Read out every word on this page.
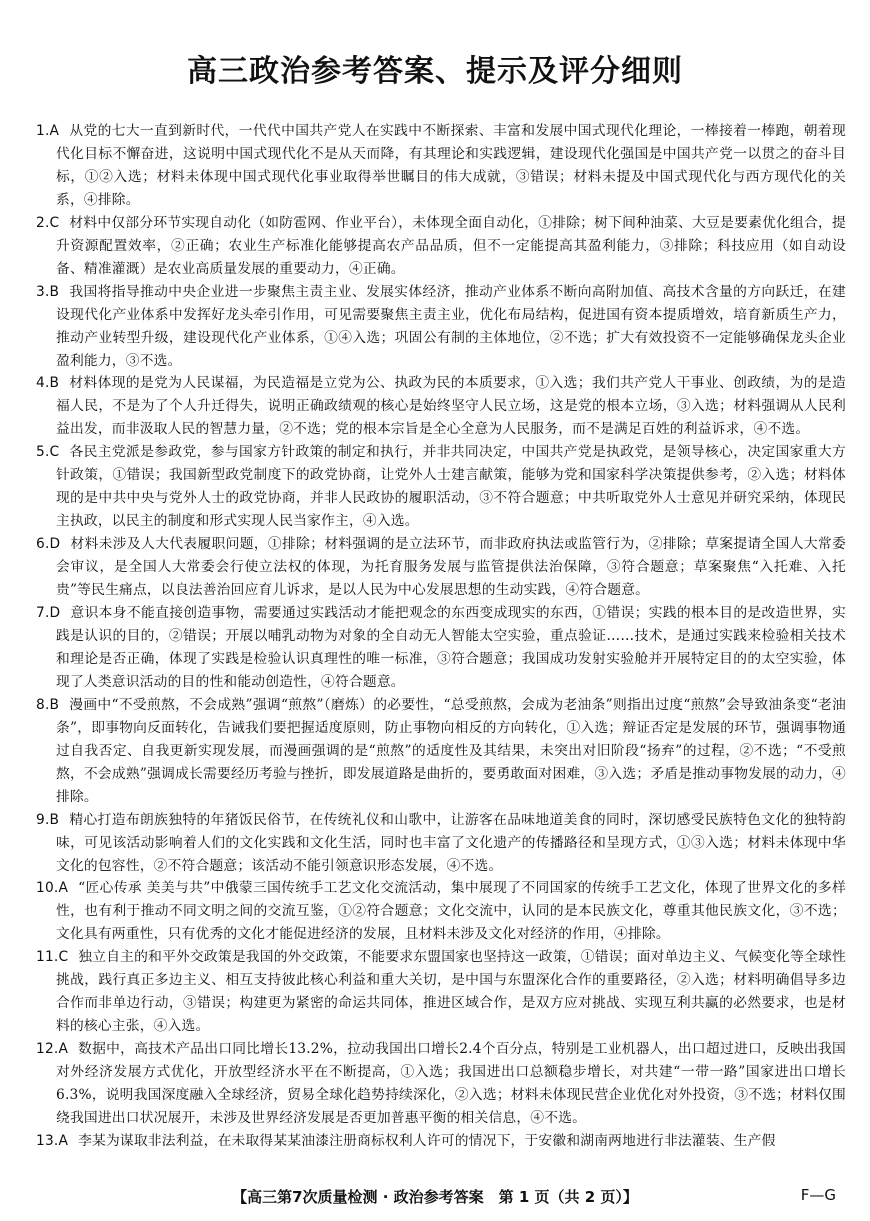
高三政治参考答案、提示及评分细则

1.A 从党的七大一直到新时代，一代代中国共产党人在实践中不断探索、丰富和发展中国式现代化理论，一棒接着一棒跑，朝着现代化目标不懈奋进，这说明中国式现代化不是从天而降，有其理论和实践逻辑，建设现代化强国是中国共产党一以贯之的奋斗目标，①②入选；材料未体现中国式现代化事业取得举世瞩目的伟大成就，③错误；材料未提及中国式现代化与西方现代化的关系，④排除。

2.C 材料中仅部分环节实现自动化（如防雹网、作业平台），未体现全面自动化，①排除；树下间种油菜、大豆是要素优化组合，提升资源配置效率，②正确；农业生产标准化能够提高农产品品质，但不一定能提高其盈利能力，③排除；科技应用（如自动设备、精准灌溉）是农业高质量发展的重要动力，④正确。

3.B 我国将指导推动中央企业进一步聚焦主责主业、发展实体经济，推动产业体系不断向高附加值、高技术含量的方向跃迁，在建设现代化产业体系中发挥好龙头牵引作用，可见需要聚焦主责主业，优化布局结构，促进国有资本提质增效，培育新质生产力，推动产业转型升级，建设现代化产业体系，①④入选；巩固公有制的主体地位，②不选；扩大有效投资不一定能够确保龙头企业盈利能力，③不选。

4.B 材料体现的是党为人民谋福，为民造福是立党为公、执政为民的本质要求，①入选；我们共产党人干事业、创政绩，为的是造福人民，不是为了个人升迁得失，说明正确政绩观的核心是始终坚守人民立场，这是党的根本立场，③入选；材料强调从人民利益出发，而非汲取人民的智慧力量，②不选；党的根本宗旨是全心全意为人民服务，而不是满足百姓的利益诉求，④不选。

5.C 各民主党派是参政党，参与国家方针政策的制定和执行，并非共同决定，中国共产党是执政党，是领导核心，决定国家重大方针政策，①错误；我国新型政党制度下的政党协商，让党外人士建言献策，能够为党和国家科学决策提供参考，②入选；材料体现的是中共中央与党外人士的政党协商，并非人民政协的履职活动，③不符合题意；中共听取党外人士意见并研究采纳，体现民主执政，以民主的制度和形式实现人民当家作主，④入选。

6.D 材料未涉及人大代表履职问题，①排除；材料强调的是立法环节，而非政府执法或监管行为，②排除；草案提请全国人大常委会审议，是全国人大常委会行使立法权的体现，为托育服务发展与监管提供法治保障，③符合题意；草案聚焦“入托难、入托贵”等民生痛点，以良法善治回应育儿诉求，是以人民为中心发展思想的生动实践，④符合题意。

7.D 意识本身不能直接创造事物，需要通过实践活动才能把观念的东西变成现实的东西，①错误；实践的根本目的是改造世界，实践是认识的目的，②错误；开展以哺乳动物为对象的全自动无人智能太空实验，重点验证……技术，是通过实践来检验相关技术和理论是否正确，体现了实践是检验认识真理性的唯一标准，③符合题意；我国成功发射实验舱并开展特定目的的太空实验，体现了人类意识活动的目的性和能动创造性，④符合题意。

8.B 漫画中“不受煎熬，不会成熟”强调“煎熬”（磨炼）的必要性，“总受煎熬，会成为老油条”则指出过度“煎熬”会导致油条变“老油条”，即事物向反面转化，告诫我们要把握适度原则，防止事物向相反的方向转化，①入选；辩证否定是发展的环节，强调事物通过自我否定、自我更新实现发展，而漫画强调的是“煎熬”的适度性及其结果，未突出对旧阶段“扬弃”的过程，②不选；“不受煎熬，不会成熟”强调成长需要经历考验与挫折，即发展道路是曲折的，要勇敢面对困难，③入选；矛盾是推动事物发展的动力，④排除。

9.B 精心打造布朗族独特的年猪饭民俗节，在传统礼仪和山歌中，让游客在品味地道美食的同时，深切感受民族特色文化的独特韵味，可见该活动影响着人们的文化实践和文化生活，同时也丰富了文化遗产的传播路径和呈现方式，①③入选；材料未体现中华文化的包容性，②不符合题意；该活动不能引领意识形态发展，④不选。

10.A “匠心传承 美美与共”中俄蒙三国传统手工艺文化交流活动，集中展现了不同国家的传统手工艺文化，体现了世界文化的多样性，也有利于推动不同文明之间的交流互鉴，①②符合题意；文化交流中，认同的是本民族文化，尊重其他民族文化，③不选；文化具有两重性，只有优秀的文化才能促进经济的发展，且材料未涉及文化对经济的作用，④排除。

11.C 独立自主的和平外交政策是我国的外交政策，不能要求东盟国家也坚持这一政策，①错误；面对单边主义、气候变化等全球性挑战，践行真正多边主义、相互支持彼此核心利益和重大关切，是中国与东盟深化合作的重要路径，②入选；材料明确倡导多边合作而非单边行动，③错误；构建更为紧密的命运共同体，推进区域合作，是双方应对挑战、实现互利共赢的必然要求，也是材料的核心主张，④入选。

12.A 数据中，高技术产品出口同比增长13.2%，拉动我国出口增长2.4个百分点，特别是工业机器人，出口超过进口，反映出我国对外经济发展方式优化，开放型经济水平在不断提高，①入选；我国进出口总额稳步增长，对共建“一带一路”国家进出口增长6.3%，说明我国深度融入全球经济，贸易全球化趋势持续深化，②入选；材料未体现民营企业优化对外投资，③不选；材料仅围绕我国进出口状况展开，未涉及世界经济发展是否更加普惠平衡的相关信息，④不选。

13.A 李某为谋取非法利益，在未取得某某油漆注册商标权利人许可的情况下，于安徽和湖南两地进行非法灌装、生产假

【高三第7次质量检测 · 政治参考答案　第 1 页（共 2 页）】	F—G
